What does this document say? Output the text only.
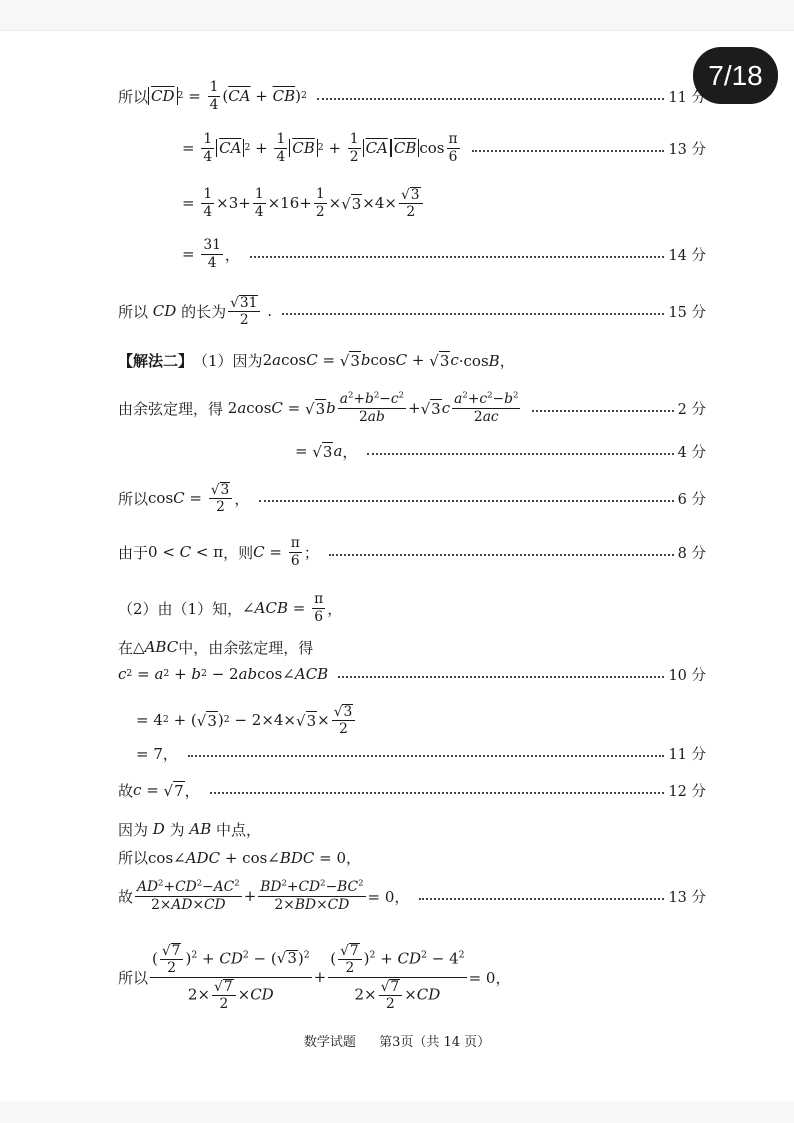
7/18
所以 $\overline{CD}$ $2 = \frac{1}{4} (\overline{CA} + \overline{CB})$ 2	11 分
= $\frac{1}{4} \overline{CA}$ $2 + \frac{1}{4} \overline{CB}$ $2 + \frac{1}{2} \overline{CA}$ $\overline{CB}$ $\cos \frac{\pi}{6}$	13 分
= $\frac{1}{4} \times 3+ \frac{1}{4} \times 16+ \frac{1}{2}$ × √ $3 \times 4\times \frac{√ 3}{2}$
= $\frac{31}{4}$ ，	14 分
所以 CD 的长为 $\frac{√ 31}{2}$ .	15 分
【解法二】 （1）因为 2acosC = √ 3 b cosC + √ 3 c ·cosB，
由余弦定理，得 2acosC = √ 3 b $\frac{a^2+b^2-c^2}{2ab}$ + √ 3 c $\frac{a^2+c^2-b^2}{2ac}$	2 分
= √ 3 a ，	4 分
所以 $\cos C = \frac{√ 3}{2}$ ，	6 分
由于 0 < C < π ，则 $C = \frac{\pi}{6}$ ；	8 分
（2）由（1）知， ∠ACB = $\frac{\pi}{6}$ ，
在 △ABC 中，由余弦定理，得
c 2 = a 2 + b 2 − 2abcos∠ACB	10 分
= 4 2 + ( √ 3 ) 2 − 2×4× √ $3 \times \frac{√ 3}{2}$
= 7，	11 分
故 c = √ 7 ，	12 分
因为 D 为 AB 中点，
所以 cos∠ADC + cos∠BDC = 0，
故 $\frac{AD^2+CD^2-AC^2}{2\times AD\times CD} + \frac{BD^2+CD^2-BC^2}{2\times BD\times CD} = 0$，	13 分
所以 $\frac{( \frac{√ 7}{2} )^2 + CD^2 - ( √ 3 )^2}{2\times \frac{√ 7}{2} \times CD} + \frac{( \frac{√ 7}{2} )^2 + CD^2 - 4^2}{2\times \frac{√ 7}{2} \times CD} = 0$，
数学试题 第3页（共 14 页）
